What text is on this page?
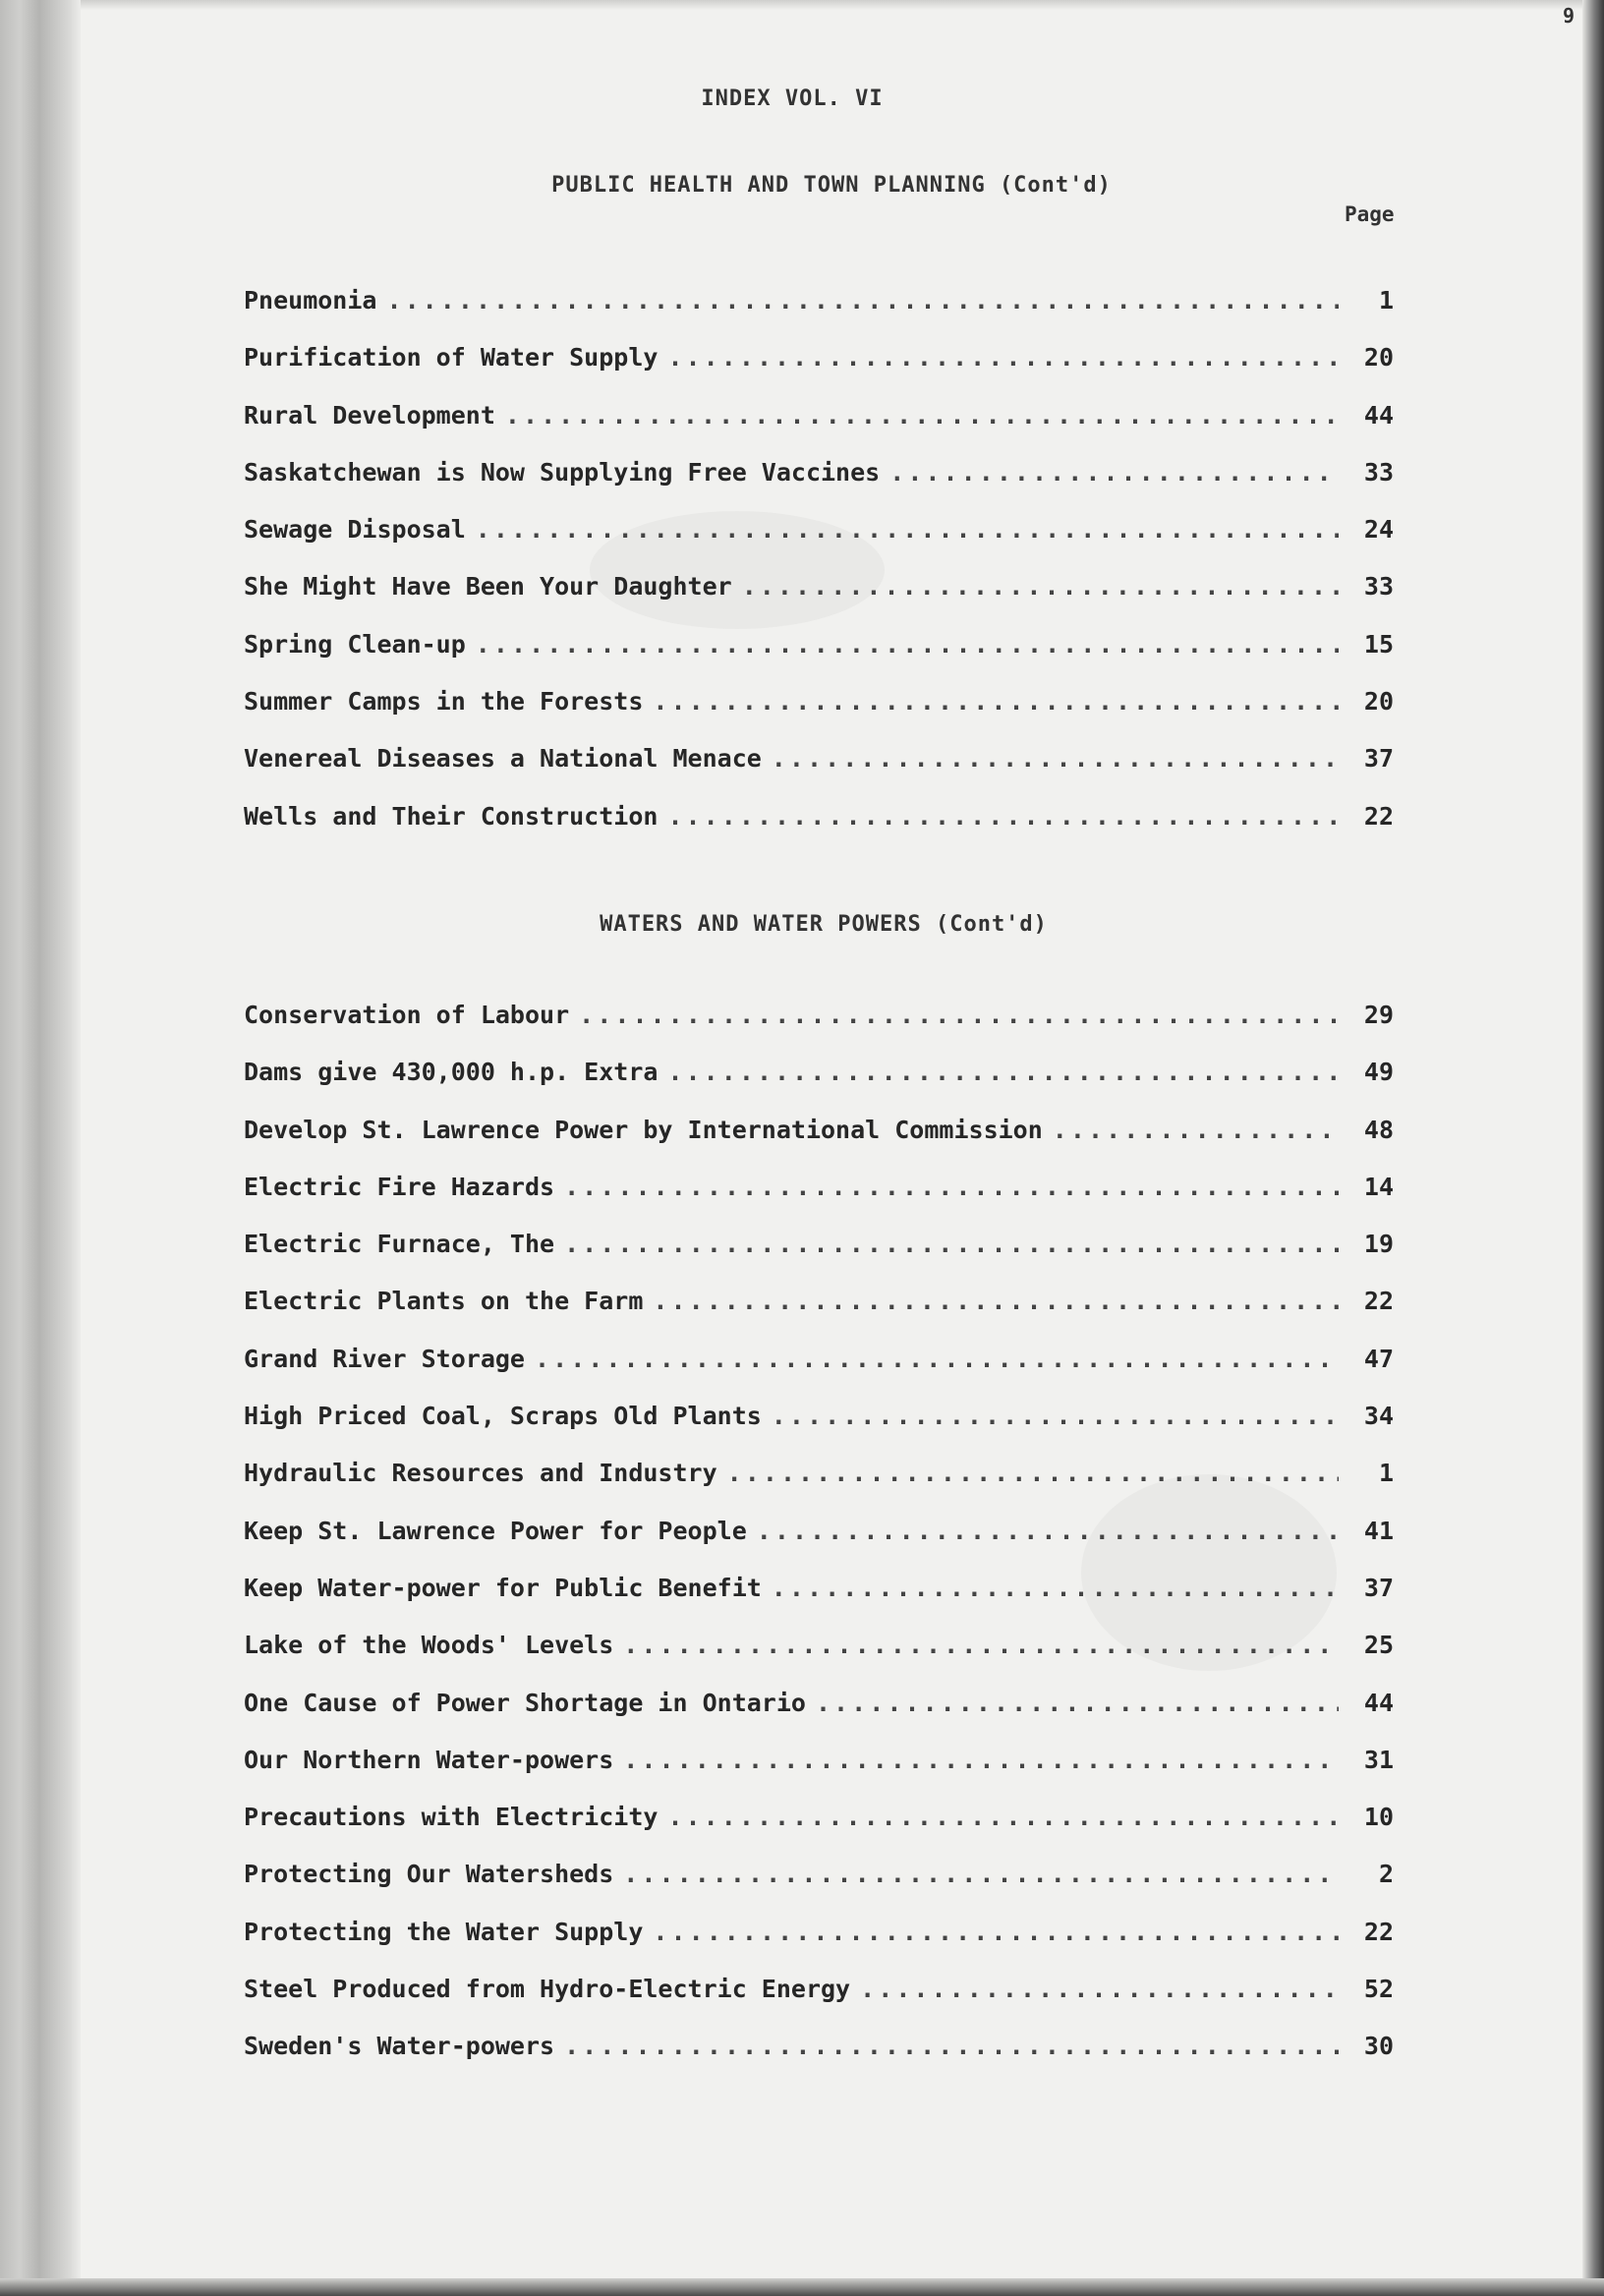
9
INDEX VOL. VI
PUBLIC HEALTH AND TOWN PLANNING (Cont'd)
Page
Pneumonia . . .	1
Purification of Water Supply . . .	20
Rural Development . . .	44
Saskatchewan is Now Supplying Free Vaccines . . .	33
Sewage Disposal . . .	24
She Might Have Been Your Daughter . . .	33
Spring Clean-up . . .	15
Summer Camps in the Forests . . .	20
Venereal Diseases a National Menace . . .	37
Wells and Their Construction . . .	22
WATERS AND WATER POWERS (Cont'd)
Conservation of Labour . . .	29
Dams give 430,000 h.p. Extra . . .	49
Develop St. Lawrence Power by International Commission . . .	48
Electric Fire Hazards . . .	14
Electric Furnace, The . . .	19
Electric Plants on the Farm . . .	22
Grand River Storage . . .	47
High Priced Coal, Scraps Old Plants . . .	34
Hydraulic Resources and Industry . . .	1
Keep St. Lawrence Power for People . . .	41
Keep Water-power for Public Benefit . . .	37
Lake of the Woods' Levels . . .	25
One Cause of Power Shortage in Ontario . . .	44
Our Northern Water-powers . . .	31
Precautions with Electricity . . .	10
Protecting Our Watersheds . . .	2
Protecting the Water Supply . . .	22
Steel Produced from Hydro-Electric Energy . . .	52
Sweden's Water-powers . . .	30
